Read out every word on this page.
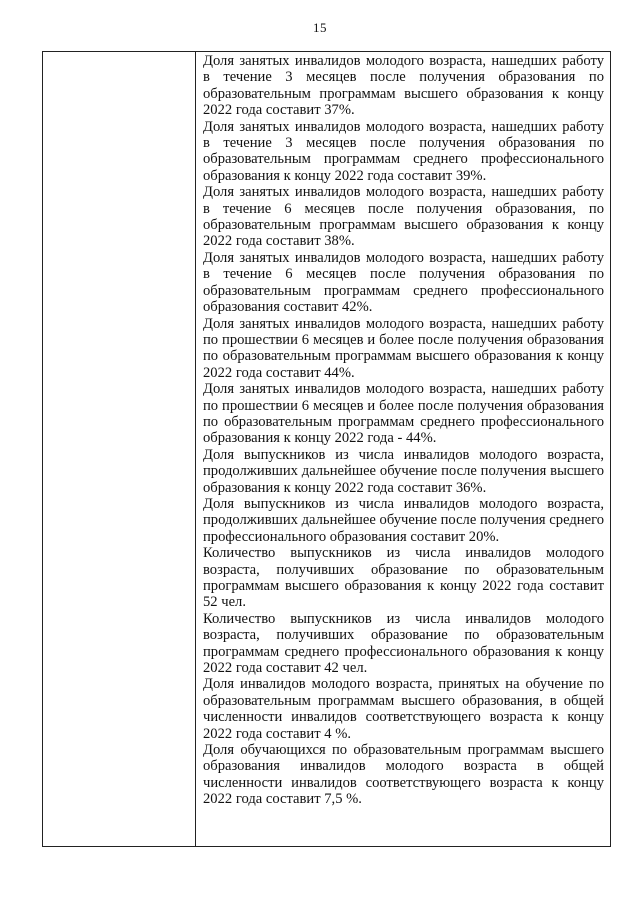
15

Доля занятых инвалидов молодого возраста, нашедших работу в течение 3 месяцев после получения образования по образовательным программам высшего образования к концу 2022 года составит 37%.

Доля занятых инвалидов молодого возраста, нашедших работу в течение 3 месяцев после получения образования по образовательным программам среднего профессионального образования к концу 2022 года составит 39%.

Доля занятых инвалидов молодого возраста, нашедших работу в течение 6 месяцев после получения образования, по образовательным программам высшего образования к концу 2022 года составит 38%.

Доля занятых инвалидов молодого возраста, нашедших работу в течение 6 месяцев после получения образования по образовательным программам среднего профессионального образования составит 42%.

Доля занятых инвалидов молодого возраста, нашедших работу по прошествии 6 месяцев и более после получения образования по образовательным программам высшего образования к концу 2022 года составит 44%.

Доля занятых инвалидов молодого возраста, нашедших работу по прошествии 6 месяцев и более после получения образования по образовательным программам среднего профессионального образования к концу 2022 года - 44%.

Доля выпускников из числа инвалидов молодого возраста, продолживших дальнейшее обучение после получения высшего образования к концу 2022 года составит 36%.

Доля выпускников из числа инвалидов молодого возраста, продолживших дальнейшее обучение после получения среднего профессионального образования составит 20%.

Количество выпускников из числа инвалидов молодого возраста, получивших образование по образовательным программам высшего образования к концу 2022 года составит 52 чел.

Количество выпускников из числа инвалидов молодого возраста, получивших образование по образовательным программам среднего профессионального образования к концу 2022 года составит 42 чел.

Доля инвалидов молодого возраста, принятых на обучение по образовательным программам высшего образования, в общей численности инвалидов соответствующего возраста к концу 2022 года составит 4 %.

Доля обучающихся по образовательным программам высшего образования инвалидов молодого возраста в общей численности инвалидов соответствующего возраста к концу 2022 года составит 7,5 %.
